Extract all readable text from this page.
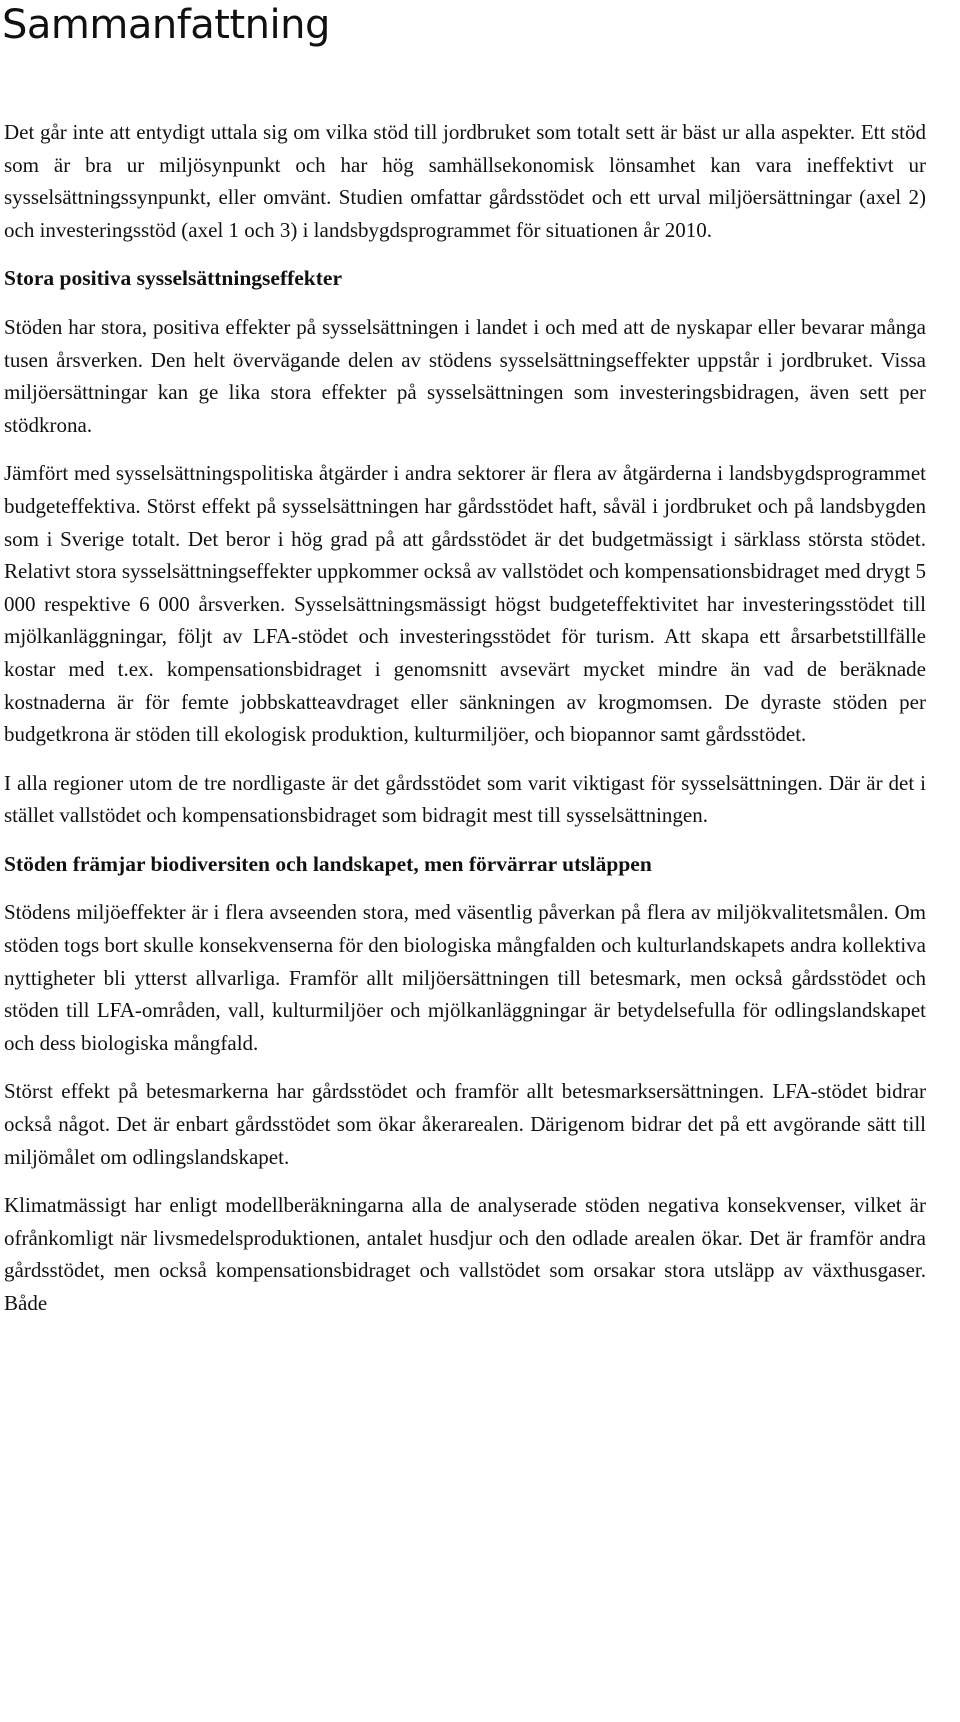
Sammanfattning

Det går inte att entydigt uttala sig om vilka stöd till jordbruket som totalt sett är bäst ur alla aspekter. Ett stöd som är bra ur miljösynpunkt och har hög samhällsekonomisk lönsamhet kan vara ineffektivt ur sysselsättningssynpunkt, eller omvänt. Studien omfattar gårdsstödet och ett urval miljöersättningar (axel 2) och investeringsstöd (axel 1 och 3) i landsbygdsprogrammet för situationen år 2010.

Stora positiva sysselsättningseffekter

Stöden har stora, positiva effekter på sysselsättningen i landet i och med att de nyskapar eller bevarar många tusen årsverken. Den helt övervägande delen av stödens sysselsättningseffekter uppstår i jordbruket. Vissa miljöersättningar kan ge lika stora effekter på sysselsättningen som investeringsbidragen, även sett per stödkrona.

Jämfört med sysselsättningspolitiska åtgärder i andra sektorer är flera av åtgärderna i landsbygdsprogrammet budgeteffektiva. Störst effekt på sysselsättningen har gårdsstödet haft, såväl i jordbruket och på landsbygden som i Sverige totalt. Det beror i hög grad på att gårdsstödet är det budgetmässigt i särklass största stödet. Relativt stora sysselsättningseffekter uppkommer också av vallstödet och kompensationsbidraget med drygt 5 000 respektive 6 000 årsverken. Sysselsättningsmässigt högst budgeteffektivitet har investeringsstödet till mjölkanläggningar, följt av LFA-stödet och investeringsstödet för turism. Att skapa ett årsarbetstillfälle kostar med t.ex. kompensationsbidraget i genomsnitt avsevärt mycket mindre än vad de beräknade kostnaderna är för femte jobbskatteavdraget eller sänkningen av krogmomsen. De dyraste stöden per budgetkrona är stöden till ekologisk produktion, kulturmiljöer, och biopannor samt gårdsstödet.

I alla regioner utom de tre nordligaste är det gårdsstödet som varit viktigast för sysselsättningen. Där är det i stället vallstödet och kompensationsbidraget som bidragit mest till sysselsättningen.

Stöden främjar biodiversiten och landskapet, men förvärrar utsläppen

Stödens miljöeffekter är i flera avseenden stora, med väsentlig påverkan på flera av miljökvalitetsmålen. Om stöden togs bort skulle konsekvenserna för den biologiska mångfalden och kulturlandskapets andra kollektiva nyttigheter bli ytterst allvarliga. Framför allt miljöersättningen till betesmark, men också gårdsstödet och stöden till LFA-områden, vall, kulturmiljöer och mjölkanläggningar är betydelsefulla för odlingslandskapet och dess biologiska mångfald.

Störst effekt på betesmarkerna har gårdsstödet och framför allt betesmarksersättningen. LFA-stödet bidrar också något. Det är enbart gårdsstödet som ökar åkerarealen. Därigenom bidrar det på ett avgörande sätt till miljömålet om odlingslandskapet.

Klimatmässigt har enligt modellberäkningarna alla de analyserade stöden negativa konsekvenser, vilket är ofrånkomligt när livsmedelsproduktionen, antalet husdjur och den odlade arealen ökar. Det är framför andra gårdsstödet, men också kompensationsbidraget och vallstödet som orsakar stora utsläpp av växthusgaser. Både
